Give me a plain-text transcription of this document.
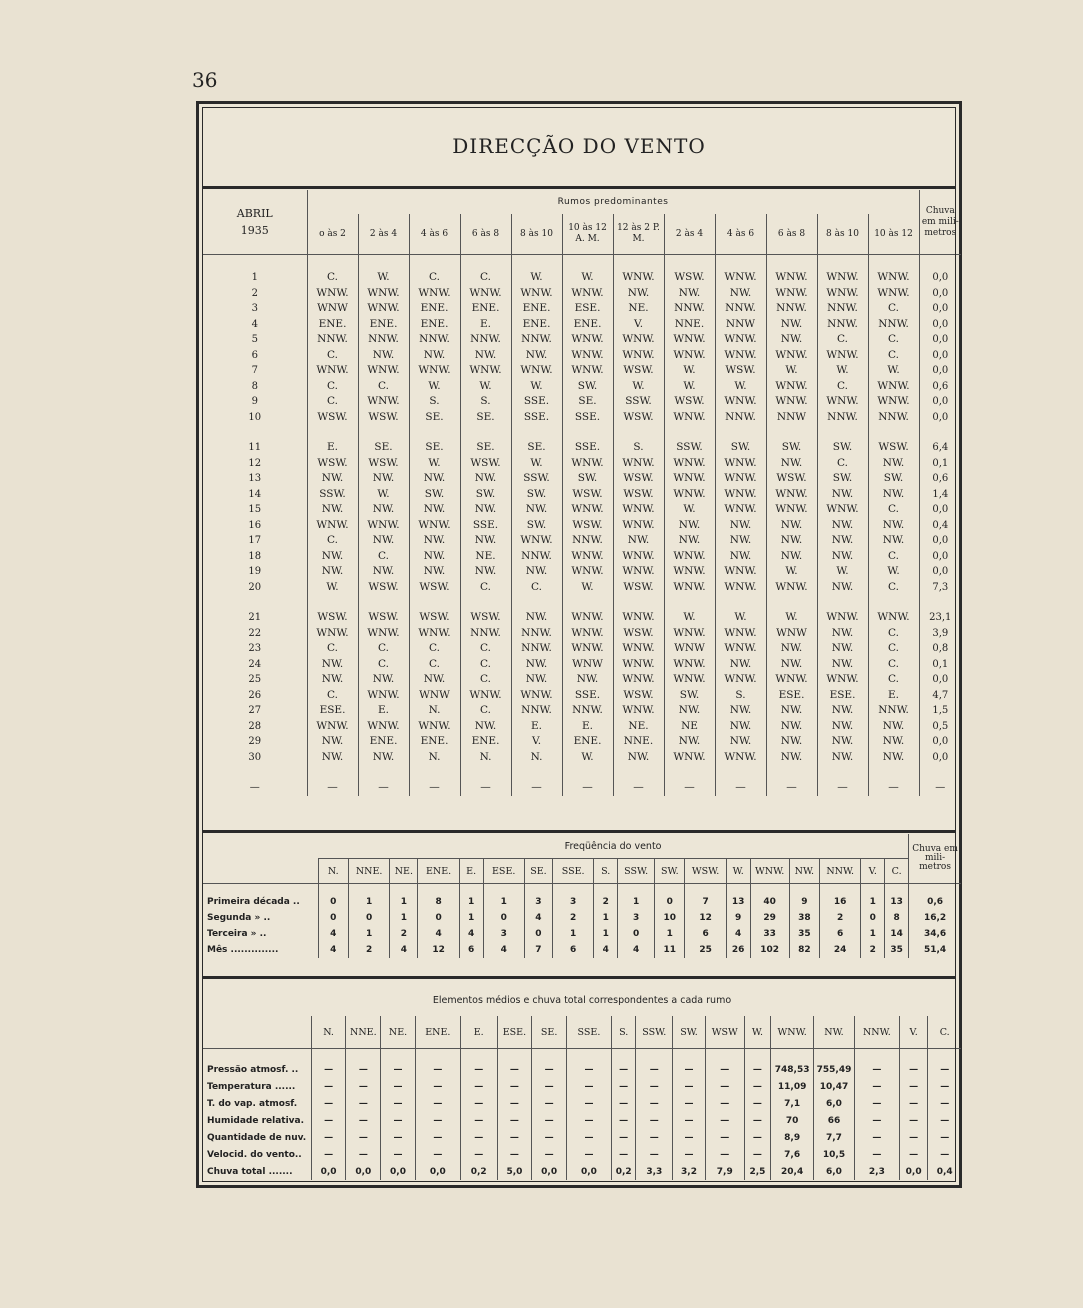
36
DIRECÇÃO DO VENTO
ABRIL
1935	Rumos predominantes												Chuva em mili-metros
	o às 2	2 às 4	4 às 6	6 às 8	8 às 10	10 às 12 A. M.	12 às 2 P. M.	2 às 4	4 às 6	6 às 8	8 às 10	10 às 12	

1	C.	W.	C.	C.	W.	W.	WNW.	WSW.	WNW.	WNW.	WNW.	WNW.	0,0
2	WNW.	WNW.	WNW.	WNW.	WNW.	WNW.	NW.	NW.	NW.	WNW.	WNW.	WNW.	0,0
3	WNW	WNW.	ENE.	ENE.	ENE.	ESE.	NE.	NNW.	NNW.	NNW.	NNW.	C.	0,0
4	ENE.	ENE.	ENE.	E.	ENE.	ENE.	V.	NNE.	NNW	NW.	NNW.	NNW.	0,0
5	NNW.	NNW.	NNW.	NNW.	NNW.	WNW.	WNW.	WNW.	WNW.	NW.	C.	C.	0,0
6	C.	NW.	NW.	NW.	NW.	WNW.	WNW.	WNW.	WNW.	WNW.	WNW.	C.	0,0
7	WNW.	WNW.	WNW.	WNW.	WNW.	WNW.	WSW.	W.	WSW.	W.	W.	W.	0,0
8	C.	C.	W.	W.	W.	SW.	W.	W.	W.	WNW.	C.	WNW.	0,6
9	C.	WNW.	S.	S.	SSE.	SE.	SSW.	WSW.	WNW.	WNW.	WNW.	WNW.	0,0
10	WSW.	WSW.	SE.	SE.	SSE.	SSE.	WSW.	WNW.	NNW.	NNW	NNW.	NNW.	0,0

11	E.	SE.	SE.	SE.	SE.	SSE.	S.	SSW.	SW.	SW.	SW.	WSW.	6,4
12	WSW.	WSW.	W.	WSW.	W.	WNW.	WNW.	WNW.	WNW.	NW.	C.	NW.	0,1
13	NW.	NW.	NW.	NW.	SSW.	SW.	WSW.	WNW.	WNW.	WSW.	SW.	SW.	0,6
14	SSW.	W.	SW.	SW.	SW.	WSW.	WSW.	WNW.	WNW.	WNW.	NW.	NW.	1,4
15	NW.	NW.	NW.	NW.	NW.	WNW.	WNW.	W.	WNW.	WNW.	WNW.	C.	0,0
16	WNW.	WNW.	WNW.	SSE.	SW.	WSW.	WNW.	NW.	NW.	NW.	NW.	NW.	0,4
17	C.	NW.	NW.	NW.	WNW.	NNW.	NW.	NW.	NW.	NW.	NW.	NW.	0,0
18	NW.	C.	NW.	NE.	NNW.	WNW.	WNW.	WNW.	NW.	NW.	NW.	C.	0,0
19	NW.	NW.	NW.	NW.	NW.	WNW.	WNW.	WNW.	WNW.	W.	W.	W.	0,0
20	W.	WSW.	WSW.	C.	C.	W.	WSW.	WNW.	WNW.	WNW.	NW.	C.	7,3

21	WSW.	WSW.	WSW.	WSW.	NW.	WNW.	WNW.	W.	W.	W.	WNW.	WNW.	23,1
22	WNW.	WNW.	WNW.	NNW.	NNW.	WNW.	WSW.	WNW.	WNW.	WNW	NW.	C.	3,9
23	C.	C.	C.	C.	NNW.	WNW.	WNW.	WNW	WNW.	NW.	NW.	C.	0,8
24	NW.	C.	C.	C.	NW.	WNW	WNW.	WNW.	NW.	NW.	NW.	C.	0,1
25	NW.	NW.	NW.	C.	NW.	NW.	WNW.	WNW.	WNW.	WNW.	WNW.	C.	0,0
26	C.	WNW.	WNW	WNW.	WNW.	SSE.	WSW.	SW.	S.	ESE.	ESE.	E.	4,7
27	ESE.	E.	N.	C.	NNW.	NNW.	WNW.	NW.	NW.	NW.	NW.	NNW.	1,5
28	WNW.	WNW.	WNW.	NW.	E.	E.	NE.	NE	NW.	NW.	NW.	NW.	0,5
29	NW.	ENE.	ENE.	ENE.	V.	ENE.	NNE.	NW.	NW.	NW.	NW.	NW.	0,0
30	NW.	NW.	N.	N.	N.	W.	NW.	WNW.	WNW.	NW.	NW.	NW.	0,0

—	—	—	—	—	—	—	—	—	—	—	—	—	—
	Freqüência do vento																		Chuva em mili-metros
	N.	NNE.	NE.	ENE.	E.	ESE.	SE.	SSE.	S.	SSW.	SW.	WSW.	W.	WNW.	NW.	NNW.	V.	C.	

Primeira década ..	0	1	1	8	1	1	3	3	2	1	0	7	13	40	9	16	1	13	0,6
Segunda » ..	0	0	1	0	1	0	4	2	1	3	10	12	9	29	38	2	0	8	16,2
Terceira » ..	4	1	2	4	4	3	0	1	1	0	1	6	4	33	35	6	1	14	34,6
Mês ..............	4	2	4	12	6	4	7	6	4	4	11	25	26	102	82	24	2	35	51,4
Elementos médios e chuva total correspondentes a cada rumo																		
	N.	NNE.	NE.	ENE.	E.	ESE.	SE.	SSE.	S.	SSW.	SW.	WSW	W.	WNW.	NW.	NNW.	V.	C.

Pressão atmosf. ..	—	—	—	—	—	—	—	—	—	—	—	—	—	748,53	755,49	—	—	—
Temperatura ......	—	—	—	—	—	—	—	—	—	—	—	—	—	11,09	10,47	—	—	—
T. do vap. atmosf.	—	—	—	—	—	—	—	—	—	—	—	—	—	7,1	6,0	—	—	—
Humidade relativa.	—	—	—	—	—	—	—	—	—	—	—	—	—	70	66	—	—	—
Quantidade de nuv.	—	—	—	—	—	—	—	—	—	—	—	—	—	8,9	7,7	—	—	—
Velocid. do vento..	—	—	—	—	—	—	—	—	—	—	—	—	—	7,6	10,5	—	—	—
Chuva total .......	0,0	0,0	0,0	0,0	0,2	5,0	0,0	0,0	0,2	3,3	3,2	7,9	2,5	20,4	6,0	2,3	0,0	0,4
